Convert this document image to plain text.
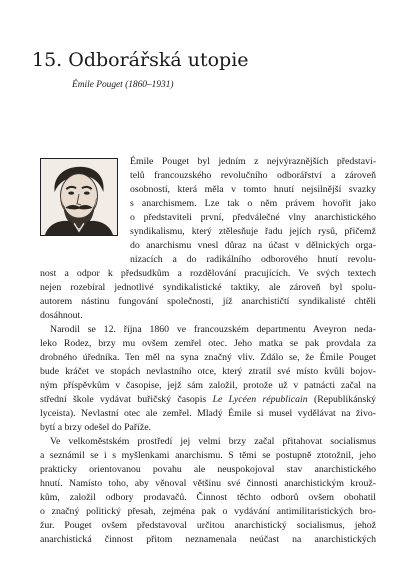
15. Odborářská utopie
Émile Pouget (1860–1931)
Émile Pouget byl jedním z nejvýraznějších představi-
telů francouzského revolučního odborářství a zároveň
osobností, která měla v tomto hnutí nejsilnější svazky
s anarchismem. Lze tak o něm právem hovořit jako
o představiteli první, předválečné vlny anarchistického
syndikalismu, který ztělesňuje řadu jejích rysů, přičemž
do anarchismu vnesl důraz na účast v dělnických orga-
nizacích a do radikálního odborového hnutí revolu-
nost a odpor k předsudkům a rozdělování pracujících. Ve svých textech
nejen rozebíral jednotlivé syndikalistické taktiky, ale zároveň byl spolu-
autorem nástinu fungování společnosti, jíž anarchističtí syndikalisté chtěli
dosáhnout.
Narodil se 12. října 1860 ve francouzském departmentu Aveyron neda-
leko Rodez, brzy mu ovšem zemřel otec. Jeho matka se pak provdala za
drobného úředníka. Ten měl na syna značný vliv. Zdálo se, že Émile Pouget
bude kráčet ve stopách nevlastního otce, který ztratil své místo kvůli bojov-
ným příspěvkům v časopise, jejž sám založil, protože už v patnácti začal na
střední škole vydávat buřičský časopis Le Lycéen républicain (Republikánský
lyceista). Nevlastní otec ale zemřel. Mladý Émile si musel vydělávat na živo-
bytí a brzy odešel do Paříže.
Ve velkoměstském prostředí jej velmi brzy začal přitahovat socialismus
a seznámil se i s myšlenkami anarchismu. S těmi se postupně ztotožnil, jeho
prakticky orientovanou povahu ale neuspokojoval stav anarchistického
hnutí. Namísto toho, aby věnoval většinu své činnosti anarchistickým krouž-
kům, založil odbory prodavačů. Činnost těchto odborů ovšem obohatil
o značný politický přesah, zejména pak o vydávání antimilitaristických bro-
žur. Pouget ovšem představoval určitou anarchistický socialismus, jehož
anarchistická činnost přitom neznamenala neúčast na anarchistických
